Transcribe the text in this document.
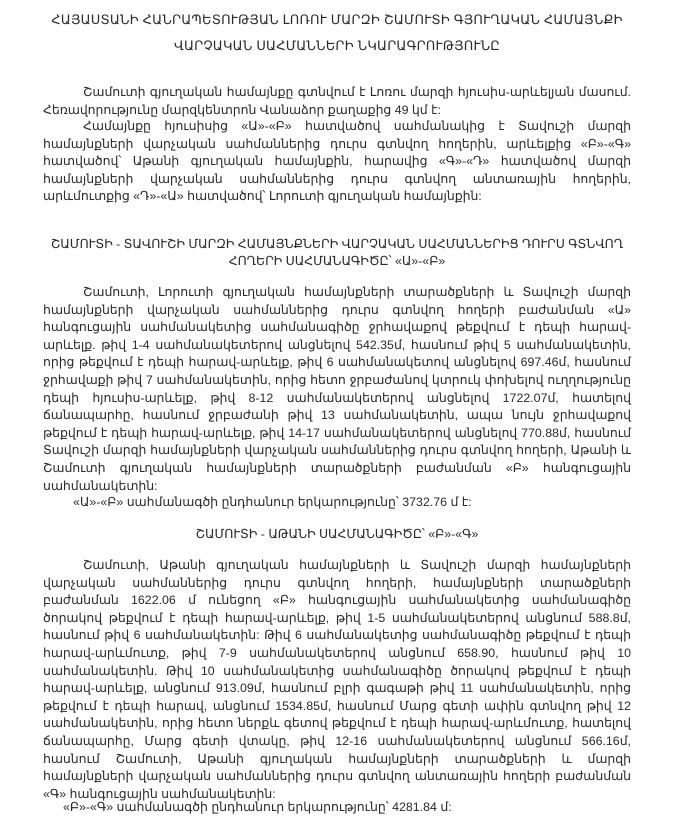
ՀԱՅԱՍՏԱՆԻ ՀԱՆՐԱՊԵՏՈՒԹՅԱՆ ԼՈՌՈՒ ՄԱՐԶԻ ՇԱՄՈՒՏԻ ԳՅՈՒՂԱԿԱՆ ՀԱՄԱՅՆՔԻ

ՎԱՐՉԱԿԱՆ ՍԱՀՄԱՆՆԵՐԻ ՆԿԱՐԱԳՐՈՒԹՅՈՒՆԸ

Շամուտի գյուղական համայնքը գտնվում է Լոռու մարզի հյուսիս-արևելյան մասում. Հեռավորությունը մարզկենտրոն Վանաձոր քաղաքից 49 կմ է:

Համայնքը հյուսիսից «Ա»-«Բ» հատվածով սահմանակից է Տավուշի մարզի համայնքների վարչական սահմաններից դուրս գտնվող հողերին, արևելքից «Բ»-«Գ» հատվածով՝ Աթանի գյուղական համայնքին, հարավից «Գ»-«Դ» հատվածով մարզի համայնքների վարչական սահմաններից դուրս գտնվող անտառային հողերին, արևմուտքից «Դ»-«Ա» հատվածով՝ Լորուտի գյուղական համայնքին:

ՇԱՄՈՒՏԻ - ՏԱՎՈՒՇԻ ՄԱՐԶԻ ՀԱՄԱՅՆՔՆԵՐԻ ՎԱՐՉԱԿԱՆ ՍԱՀՄԱՆՆԵՐԻՑ ԴՈՒՐՍ ԳՏՆՎՈՂ ՀՈՂԵՐԻ ՍԱՀՄԱՆԱԳԻԾԸ՝ «Ա»-«Բ»

Շամուտի, Լորուտի գյուղական համայնքների տարածքների և Տավուշի մարզի համայնքների վարչական սահմաններից դուրս գտնվող հողերի բաժանման «Ա» հանգուցային սահմանակետից սահմանագիծը ջրհավաքով թեքվում է դեպի հարավ-արևելք. թիվ 1-4 սահմանակետերով անցնելով 542.35մ, հասնում թիվ 5 սահմանակետին, որից թեքվում է դեպի հարավ-արևելք, թիվ 6 սահմանակետով անցնելով 697.46մ, հասնում ջրհավաքի թիվ 7 սահմանակետին, որից հետո ջրբաժանով կտրուկ փոխելով ուղղությունը դեպի հյուսիս-արևելք, թիվ 8-12 սահմանակետերով անցնելով 1722.07մ, հատելով ճանապարհը, հասնում ջրբաժանի թիվ 13 սահմանակետին, ապա նույն ջրհավաքով թեքվում է դեպի հարավ-արևելք, թիվ 14-17 սահմանակետերով անցնելով 770.88մ, հասնում Տավուշի մարզի համայնքների վարչական սահմաններից դուրս գտնվող հողերի, Աթանի և Շամուտի գյուղական համայնքների տարածքների բաժանման «Բ» հանգուցային սահմանակետին:

«Ա»-«Բ» սահմանագծի ընդհանուր երկարությունը՝ 3732.76 մ է:

ՇԱՄՈՒՏԻ - ԱԹԱՆԻ ՍԱՀՄԱՆԱԳԻԾԸ՝ «Բ»-«Գ»

Շամուտի, Աթանի գյուղական համայնքների և Տավուշի մարզի համայնքների վարչական սահմաններից դուրս գտնվող հողերի, համայնքների տարածքների բաժանման 1622.06 մ ունեցող «Բ» հանգուցային սահմանակետից սահմանագիծը ծորակով թեքվում է դեպի հարավ-արևելք, թիվ 1-5 սահմանակետերով անցնում 588.8մ, հասնում թիվ 6 սահմանակետին: Թիվ 6 սահմանակետից սահմանագիծը թեքվում է դեպի հարավ-արևմուտք, թիվ 7-9 սահմանակետերով անցնում 658.90, հասնում թիվ 10 սահմանակետին. Թիվ 10 սահմանակետից սահմանագիծը ծորակով թեքվում է դեպի հարավ-արևելք, անցնում 913.09մ, հասնում բլրի գագաթի թիվ 11 սահմանակետին, որից թեքվում է դեպի հարավ, անցնում 1534.85մ, հասնում Մարց գետի ափին գտնվող թիվ 12 սահմանակետին, որից հետո ներքև գետով թեքվում է դեպի հարավ-արևմուտք, հատելով ճանապարհը, Մարց գետի վտակը, թիվ 12-16 սահմանակետերով անցնում 566.16մ, հասնում Շամուտի, Աթանի գյուղական համայնքների տարածքների և մարզի համայնքների վարչական սահմաններից դուրս գտնվող անտառային հողերի բաժանման «Գ» հանգուցային սահմանակետին:

«Բ»-«Գ» սահմանագծի ընդհանուր երկարությունը՝ 4281.84 մ:
